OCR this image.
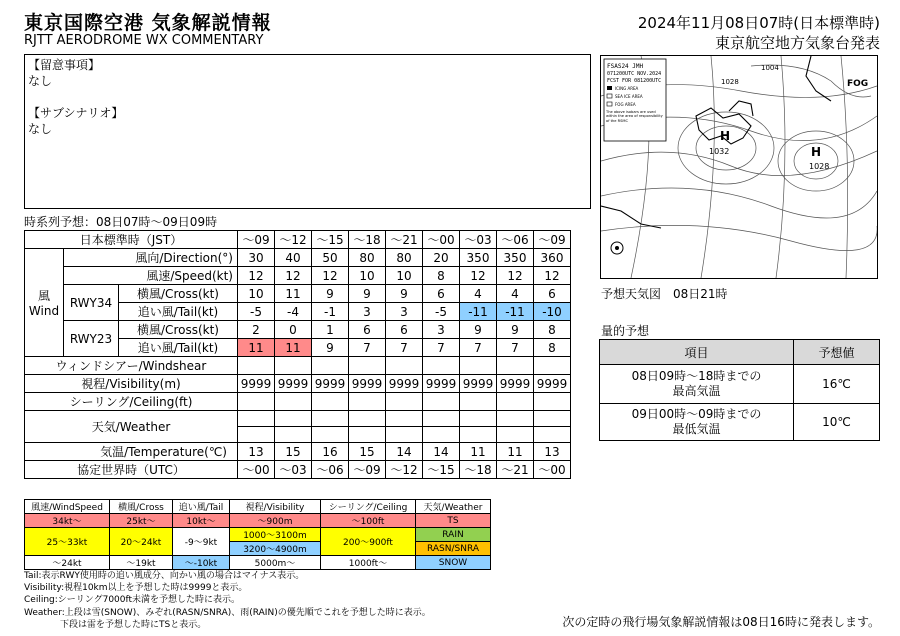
東京国際空港 気象解説情報
RJTT AERODROME WX COMMENTARY
2024年11月08日07時(日本標準時)
東京航空地方気象台発表
【留意事項】
なし
【サブシナリオ】
なし
FSAS24 JMH
071200UTC NOV.2024
FCST FOR 081200UTC
ICING AREA
SEA ICE AREA
FOG AREA
The above isobars are used within the area of responsibility of the RSMC
H
1032	H
1028
FOG
1004
1028
予想天気図　08日21時
時系列予想：08日07時〜09日09時
日本標準時（JST）			〜09	〜12	〜15	〜18	〜21	〜00	〜03	〜06	〜09
風
Wind	風向/Direction(°)		30	40	50	80	80	20	350	350	360
	風速/Speed(kt)		12	12	12	10	10	8	12	12	12
	RWY34	横風/Cross(kt)	10	11	9	9	9	6	4	4	6
		追い風/Tail(kt)	-5	-4	-1	3	3	-5	-11	-11	-10
	RWY23	横風/Cross(kt)	2	0	1	6	6	3	9	9	8
		追い風/Tail(kt)	11	11	9	7	7	7	7	7	8
ウィンドシアー/Windshear											
視程/Visibility(m)			9999	9999	9999	9999	9999	9999	9999	9999	9999
シーリング/Ceiling(ft)											
天気/Weather											

気温/Temperature(℃)			13	15	16	15	14	14	11	11	13
協定世界時（UTC）			〜00	〜03	〜06	〜09	〜12	〜15	〜18	〜21	〜00
量的予想
項目	予想値
08日09時〜18時までの
最高気温	16℃
09日00時〜09時までの
最低気温	10℃
風速/WindSpeed	横風/Cross	追い風/Tail	視程/Visibility	シーリング/Ceiling	天気/Weather
34kt〜	25kt〜	10kt〜	〜900m	〜100ft	TS
25〜33kt	20〜24kt	-9〜9kt	1000〜3100m	200〜900ft	RAIN
			3200〜4900m		RASN/SNRA

〜24kt	〜19kt	〜-10kt	5000m〜	1000ft〜	SNOW
Tail:表示RWY使用時の追い風成分、向かい風の場合はマイナス表示。
Visibility:視程10km以上を予想した時は9999と表示。
Ceiling:シーリング7000ft未満を予想した時に表示。
Weather:上段は雪(SNOW)、みぞれ(RASN/SNRA)、雨(RAIN)の優先順でこれを予想した時に表示。
　　　　下段は雷を予想した時にTSと表示。	次の定時の飛行場気象解説情報は08日16時に発表します。
